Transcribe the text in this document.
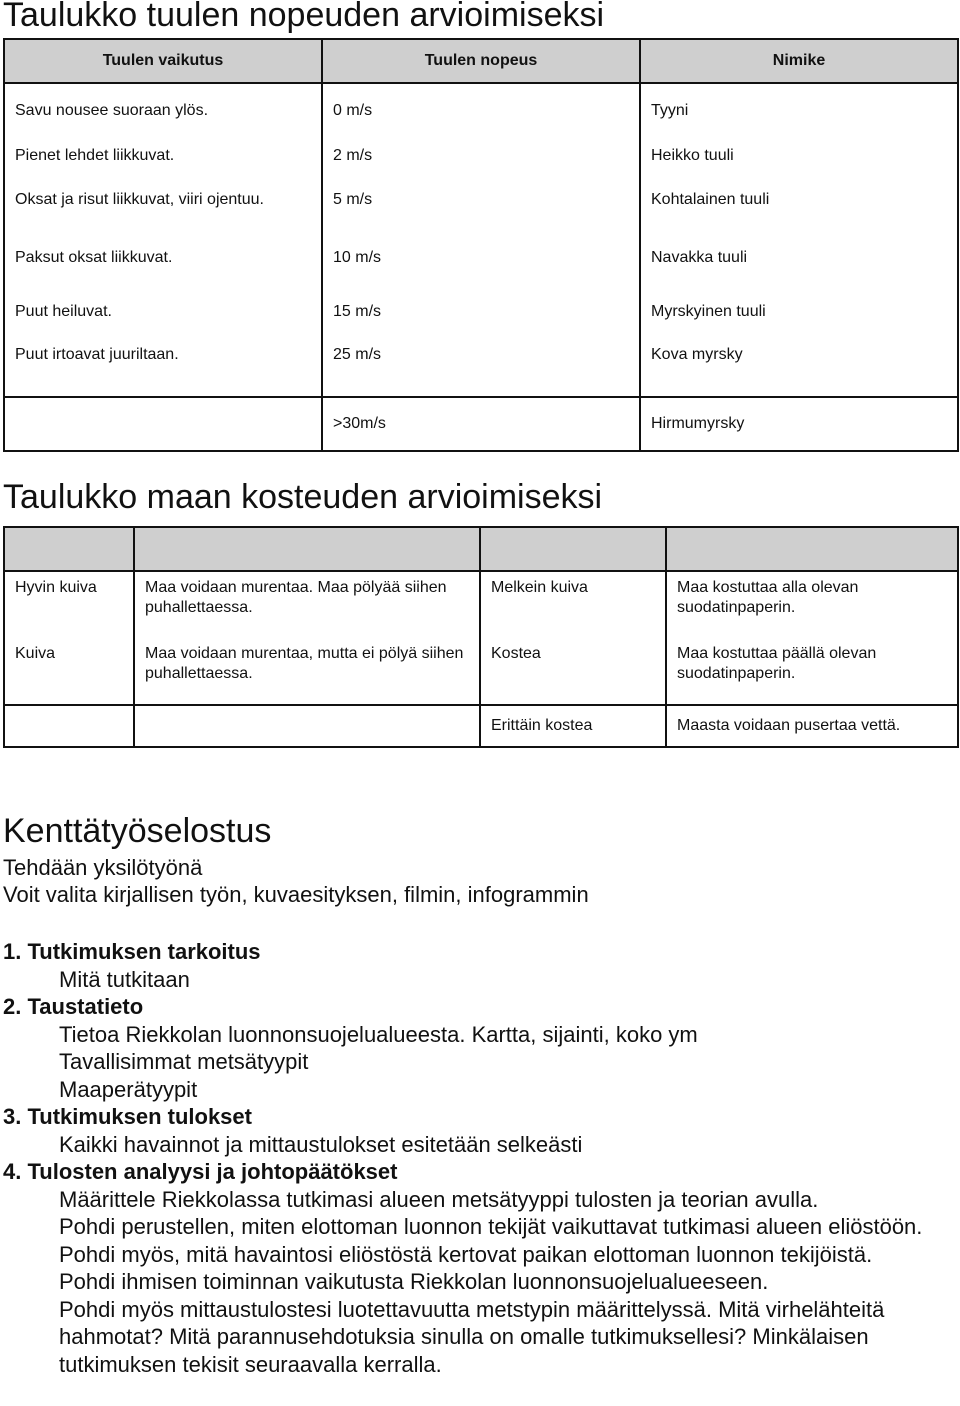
Taulukko tuulen nopeuden arvioimiseksi
Tuulen vaikutus	Tuulen nopeus	Nimike
Savu nousee suoraan ylös.	0 m/s	Tyyni
Pienet lehdet liikkuvat.	2 m/s	Heikko tuuli
Oksat ja risut liikkuvat, viiri ojentuu.	5 m/s	Kohtalainen tuuli
Paksut oksat liikkuvat.	10 m/s	Navakka tuuli
Puut heiluvat.	15 m/s	Myrskyinen tuuli
Puut irtoavat juuriltaan.	25 m/s	Kova myrsky
	>30m/s	Hirmumyrsky
Taulukko maan kosteuden arvioimiseksi

Hyvin kuiva	Maa voidaan murentaa. Maa pölyää siihen puhallettaessa.	Melkein kuiva	Maa kostuttaa alla olevan suodatinpaperin.
Kuiva	Maa voidaan murentaa, mutta ei pölyä siihen puhallettaessa.	Kostea	Maa kostuttaa päällä olevan suodatinpaperin.
		Erittäin kostea	Maasta voidaan pusertaa vettä.
Kenttätyöselostus
Tehdään yksilötyönä
Voit valita kirjallisen työn, kuvaesityksen, filmin, infogrammin
1. Tutkimuksen tarkoitus
Mitä tutkitaan
2. Taustatieto
Tietoa Riekkolan luonnonsuojelualueesta. Kartta, sijainti, koko ym
Tavallisimmat metsätyypit
Maaperätyypit
3. Tutkimuksen tulokset
Kaikki havainnot ja mittaustulokset esitetään selkeästi
4. Tulosten analyysi ja johtopäätökset
Määrittele Riekkolassa tutkimasi alueen metsätyyppi tulosten ja teorian avulla.
Pohdi perustellen, miten elottoman luonnon tekijät vaikuttavat tutkimasi alueen eliöstöön. Pohdi myös, mitä havaintosi eliöstöstä kertovat paikan elottoman luonnon tekijöistä.
Pohdi ihmisen toiminnan vaikutusta Riekkolan luonnonsuojelualueeseen.
Pohdi myös mittaustulostesi luotettavuutta metstypin määrittelyssä. Mitä virhelähteitä hahmotat? Mitä parannusehdotuksia sinulla on omalle tutkimuksellesi? Minkälaisen tutkimuksen tekisit seuraavalla kerralla.
